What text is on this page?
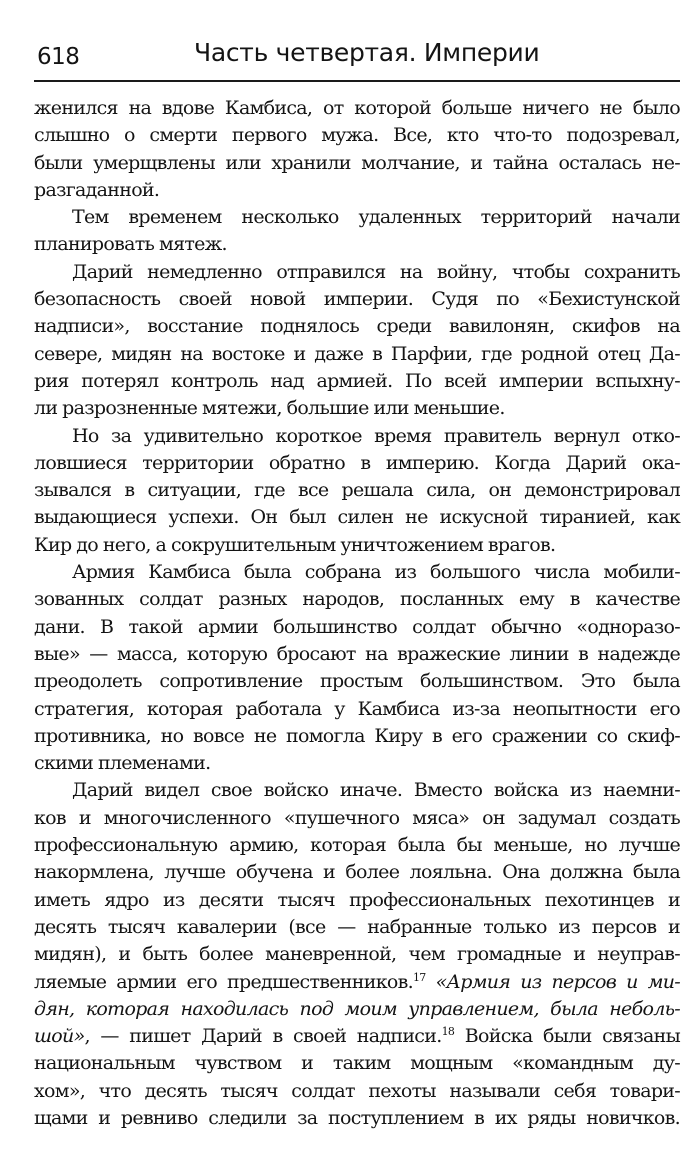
618	Часть четвертая. Империи
женился на вдове Камбиса, от которой больше ничего не было
слышно о смерти первого мужа. Все, кто что-то подозревал,
были умерщвлены или хранили молчание, и тайна осталась не-
разгаданной.
Тем временем несколько удаленных территорий начали
планировать мятеж.
Дарий немедленно отправился на войну, чтобы сохранить
безопасность своей новой империи. Судя по «Бехистунской
надписи», восстание поднялось среди вавилонян, скифов на
севере, мидян на востоке и даже в Парфии, где родной отец Да-
рия потерял контроль над армией. По всей империи вспыхну-
ли разрозненные мятежи, большие или меньшие.
Но за удивительно короткое время правитель вернул отко-
ловшиеся территории обратно в империю. Когда Дарий ока-
зывался в ситуации, где все решала сила, он демонстрировал
выдающиеся успехи. Он был силен не искусной тиранией, как
Кир до него, а сокрушительным уничтожением врагов.
Армия Камбиса была собрана из большого числа мобили-
зованных солдат разных народов, посланных ему в качестве
дани. В такой армии большинство солдат обычно «одноразо-
вые» — масса, которую бросают на вражеские линии в надежде
преодолеть сопротивление простым большинством. Это была
стратегия, которая работала у Камбиса из-за неопытности его
противника, но вовсе не помогла Киру в его сражении со скиф-
скими племенами.
Дарий видел свое войско иначе. Вместо войска из наемни-
ков и многочисленного «пушечного мяса» он задумал создать
профессиональную армию, которая была бы меньше, но лучше
накормлена, лучше обучена и более лояльна. Она должна была
иметь ядро из десяти тысяч профессиональных пехотинцев и
десять тысяч кавалерии (все — набранные только из персов и
мидян), и быть более маневренной, чем громадные и неуправ-
ляемые армии его предшественников.$^{17}$ «Армия из персов и ми-
дян, которая находилась под моим управлением, была неболь-
шой», — пишет Дарий в своей надписи.$^{18}$ Войска были связаны
национальным чувством и таким мощным «командным ду-
хом», что десять тысяч солдат пехоты называли себя товари-
щами и ревниво следили за поступлением в их ряды новичков.
